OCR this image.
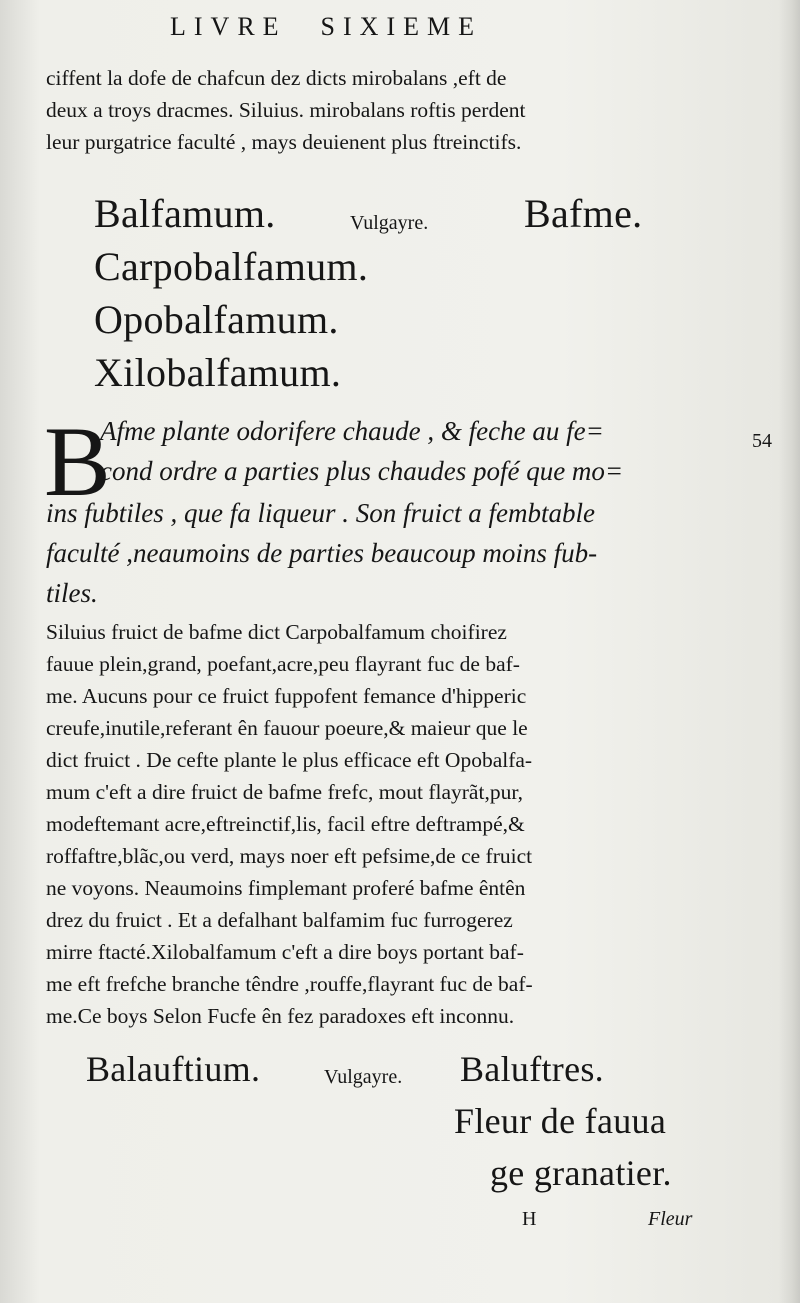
LIVRE SIXIEME
ciffent la dofe de chafcun dez dicts mirobalans ,eft de
deux a troys dracmes. Siluius. mirobalans roftis perdent
leur purgatrice faculté , mays deuienent plus ftreinctifs.
Balfamum.	Vulgayre. Bafme.
Carpobalfamum.
Opobalfamum.
Xilobalfamum.
B
Afme plante odorifere chaude , & feche au fe=
cond ordre a parties plus chaudes pofé que mo=
ins fubtiles , que fa liqueur . Son fruict a fembtable
faculté ,neaumoins de parties beaucoup moins fub-
tiles.
54
Siluius fruict de bafme dict Carpobalfamum choifirez
fauue plein,grand, poefant,acre,peu flayrant fuc de baf-
me. Aucuns pour ce fruict fuppofent femance d'hipperic
creufe,inutile,referant ên fauour poeure,& maieur que le
dict fruict . De cefte plante le plus efficace eft Opobalfa-
mum c'eft a dire fruict de bafme frefc, mout flayrãt,pur,
modeftemant acre,eftreinctif,lis, facil eftre deftrampé,&
roffaftre,blãc,ou verd, mays noer eft pefsime,de ce fruict
ne voyons. Neaumoins fimplemant proferé bafme êntên
drez du fruict . Et a defalhant balfamim fuc furrogerez
mirre ftacté.Xilobalfamum c'eft a dire boys portant baf-
me eft frefche branche têndre ,rouffe,flayrant fuc de baf-
me.Ce boys Selon Fucfe ên fez paradoxes eft inconnu.
Balauftium.	Vulgayre. Baluftres.
Fleur de fauua
ge granatier.
H	Fleur
